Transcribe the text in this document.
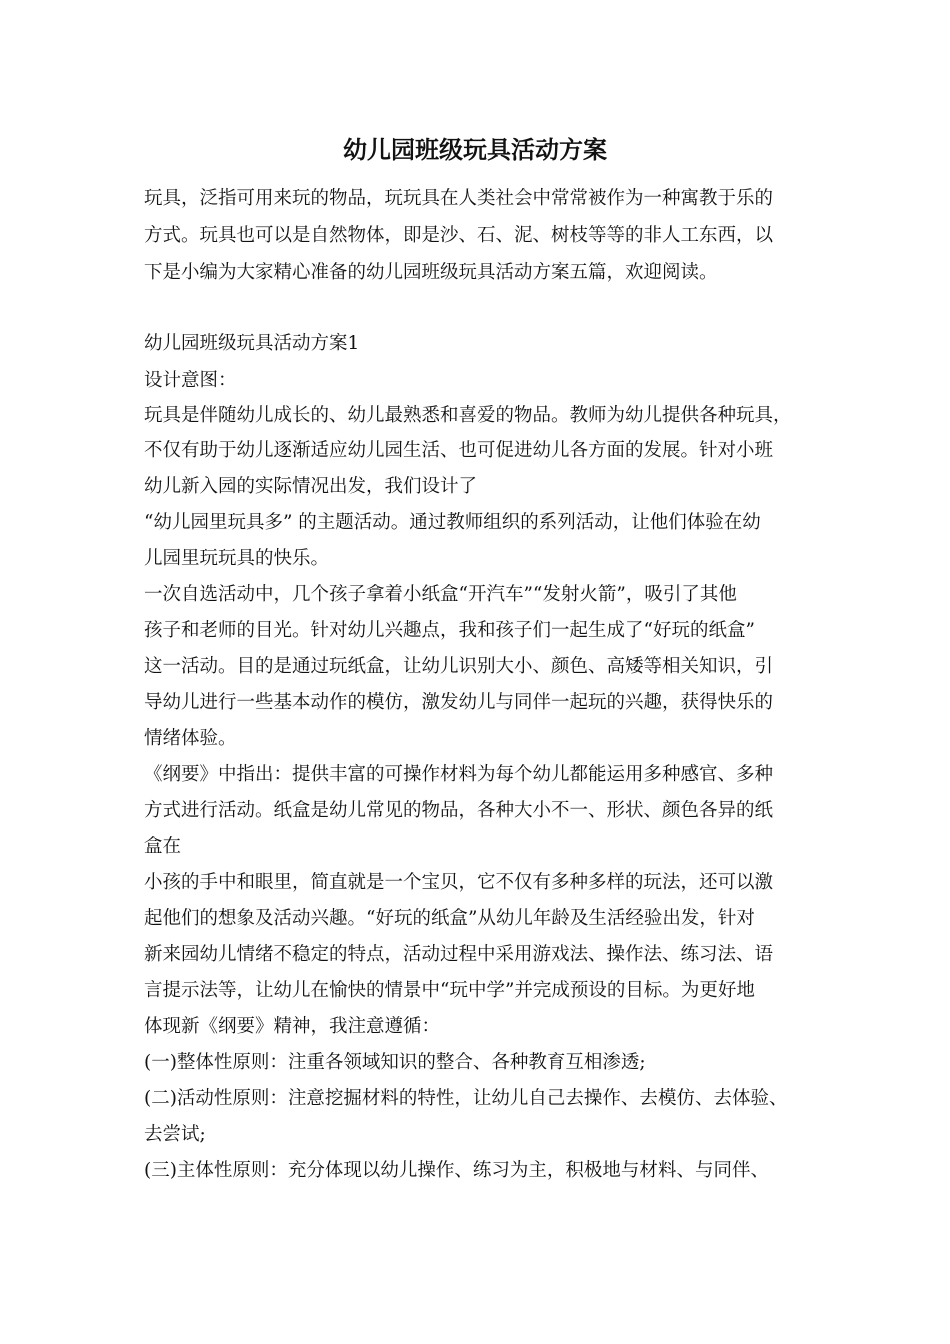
幼儿园班级玩具活动方案
玩具，泛指可用来玩的物品，玩玩具在人类社会中常常被作为一种寓教于乐的
方式。玩具也可以是自然物体，即是沙、石、泥、树枝等等的非人工东西，以
下是小编为大家精心准备的幼儿园班级玩具活动方案五篇，欢迎阅读。
幼儿园班级玩具活动方案1
设计意图：
玩具是伴随幼儿成长的、幼儿最熟悉和喜爱的物品。教师为幼儿提供各种玩具，
不仅有助于幼儿逐渐适应幼儿园生活、也可促进幼儿各方面的发展。针对小班
幼儿新入园的实际情况出发，我们设计了
“幼儿园里玩具多” 的主题活动。通过教师组织的系列活动，让他们体验在幼
儿园里玩玩具的快乐。
一次自选活动中，几个孩子拿着小纸盒“开汽车”“发射火箭”，吸引了其他
孩子和老师的目光。针对幼儿兴趣点，我和孩子们一起生成了“好玩的纸盒”
这一活动。目的是通过玩纸盒，让幼儿识别大小、颜色、高矮等相关知识，引
导幼儿进行一些基本动作的模仿，激发幼儿与同伴一起玩的兴趣，获得快乐的
情绪体验。
《纲要》中指出：提供丰富的可操作材料为每个幼儿都能运用多种感官、多种
方式进行活动。纸盒是幼儿常见的物品，各种大小不一、形状、颜色各异的纸
盒在
小孩的手中和眼里，简直就是一个宝贝，它不仅有多种多样的玩法，还可以激
起他们的想象及活动兴趣。“好玩的纸盒”从幼儿年龄及生活经验出发，针对
新来园幼儿情绪不稳定的特点，活动过程中采用游戏法、操作法、练习法、语
言提示法等，让幼儿在愉快的情景中“玩中学”并完成预设的目标。为更好地
体现新《纲要》精神，我注意遵循：
(一)整体性原则：注重各领域知识的整合、各种教育互相渗透;
(二)活动性原则：注意挖掘材料的特性，让幼儿自己去操作、去模仿、去体验、
去尝试;
(三)主体性原则：充分体现以幼儿操作、练习为主，积极地与材料、与同伴、
